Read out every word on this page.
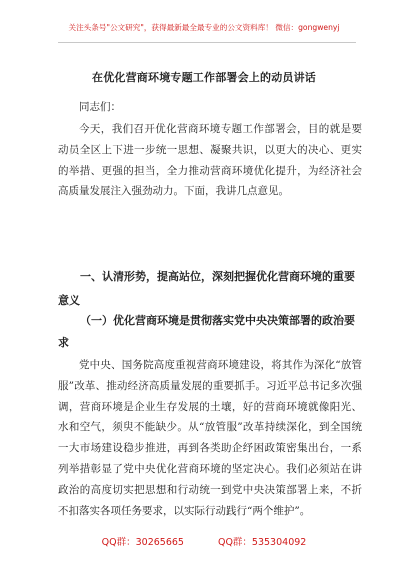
关注头条号"公文研究"，获得最新最全最专业的公文资料库！ 微信：gongwenyj
在优化营商环境专题工作部署会上的动员讲话
同志们：

今天，我们召开优化营商环境专题工作部署会，目的就是要动员全区上下进一步统一思想、凝聚共识，以更大的决心、更实的举措、更强的担当，全力推动营商环境优化提升，为经济社会高质量发展注入强劲动力。下面，我讲几点意见。

一、认清形势，提高站位，深刻把握优化营商环境的重要意义
（一）优化营商环境是贯彻落实党中央决策部署的政治要求

党中央、国务院高度重视营商环境建设，将其作为深化“放管服”改革、推动经济高质量发展的重要抓手。习近平总书记多次强调，营商环境是企业生存发展的土壤，好的营商环境就像阳光、水和空气，须臾不能缺少。从“放管服”改革持续深化，到全国统一大市场建设稳步推进，再到各类助企纾困政策密集出台，一系列举措彰显了党中央优化营商环境的坚定决心。我们必须站在讲政治的高度切实把思想和行动统一到党中央决策部署上来，不折不扣落实各项任务要求，以实际行动践行“两个维护”。

QQ群：30265665	QQ群：535304092
